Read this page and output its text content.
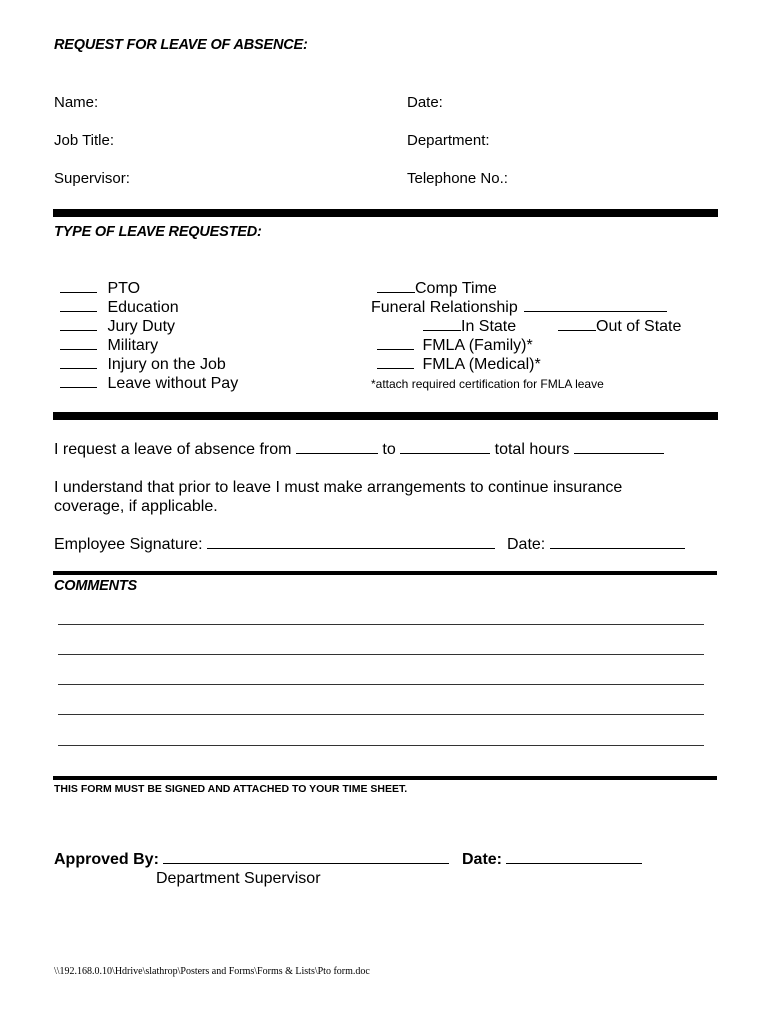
REQUEST FOR LEAVE OF ABSENCE:
Name:	Date:
Job Title:	Department:
Supervisor:	Telephone No.:
TYPE OF LEAVE REQUESTED:
PTO
Education
Jury Duty
Military
Injury on the Job
Leave without Pay
Comp Time
Funeral Relationship
In State	Out of State
FMLA (Family)*
FMLA (Medical)*
*attach required certification for FMLA leave
I request a leave of absence from	to	total hours
I understand that prior to leave I must make arrangements to continue insurance
coverage, if applicable.
Employee Signature:	Date:
COMMENTS
THIS FORM MUST BE SIGNED AND ATTACHED TO YOUR TIME SHEET.
Approved By:	Date:
Department Supervisor
\\192.168.0.10\Hdrive\slathrop\Posters and Forms\Forms & Lists\Pto form.doc
